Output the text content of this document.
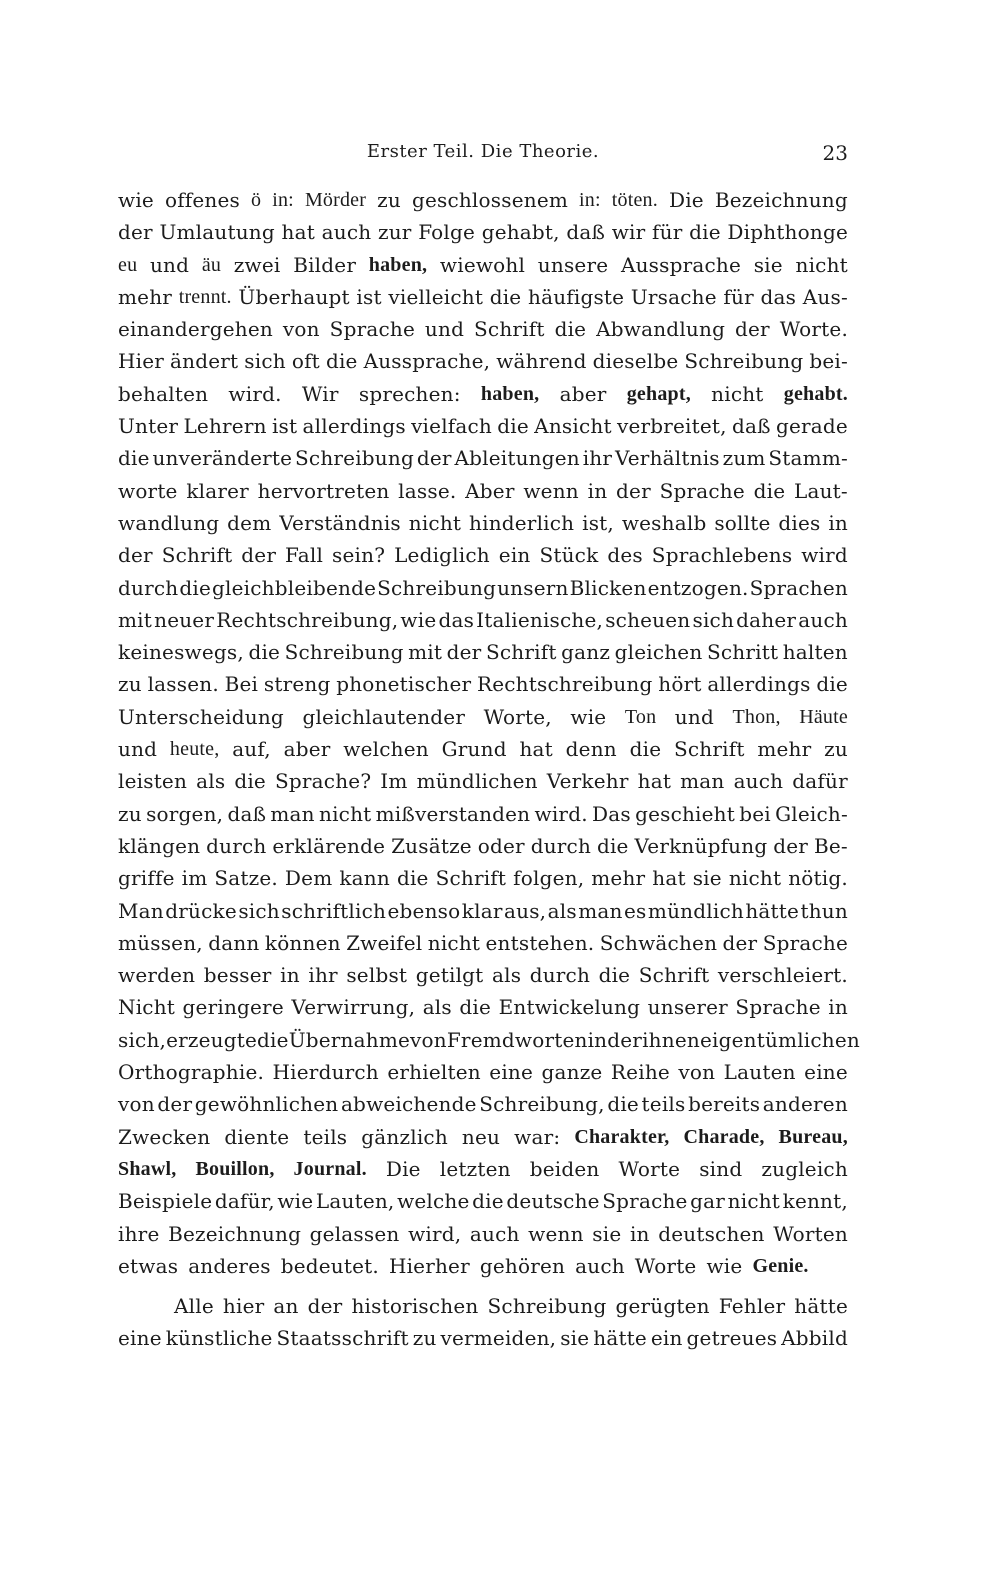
Erster Teil. Die Theorie.	23
wie offenes ö in: Mörder zu geschlossenem in: töten. Die Bezeichnung
der Umlautung hat auch zur Folge gehabt, daß wir für die Diphthonge
eu und äu zwei Bilder haben, wiewohl unsere Aussprache sie nicht
mehr trennt. Überhaupt ist vielleicht die häufigste Ursache für das Aus-
einandergehen von Sprache und Schrift die Abwandlung der Worte.
Hier ändert sich oft die Aussprache, während dieselbe Schreibung bei-
behalten wird. Wir sprechen: haben, aber gehapt, nicht gehabt.
Unter Lehrern ist allerdings vielfach die Ansicht verbreitet, daß gerade
die unveränderte Schreibung der Ableitungen ihr Verhältnis zum Stamm-
worte klarer hervortreten lasse. Aber wenn in der Sprache die Laut-
wandlung dem Verständnis nicht hinderlich ist, weshalb sollte dies in
der Schrift der Fall sein? Lediglich ein Stück des Sprachlebens wird
durch die gleichbleibende Schreibung unsern Blicken entzogen. Sprachen
mit neuer Rechtschreibung, wie das Italienische, scheuen sich daher auch
keineswegs, die Schreibung mit der Schrift ganz gleichen Schritt halten
zu lassen. Bei streng phonetischer Rechtschreibung hört allerdings die
Unterscheidung gleichlautender Worte, wie Ton und Thon, Häute
und heute, auf, aber welchen Grund hat denn die Schrift mehr zu
leisten als die Sprache? Im mündlichen Verkehr hat man auch dafür
zu sorgen, daß man nicht mißverstanden wird. Das geschieht bei Gleich-
klängen durch erklärende Zusätze oder durch die Verknüpfung der Be-
griffe im Satze. Dem kann die Schrift folgen, mehr hat sie nicht nötig.
Man drücke sich schriftlich ebenso klar aus, als man es mündlich hätte thun
müssen, dann können Zweifel nicht entstehen. Schwächen der Sprache
werden besser in ihr selbst getilgt als durch die Schrift verschleiert.
Nicht geringere Verwirrung, als die Entwickelung unserer Sprache in
sich, erzeugte die Übernahme von Fremdworten in der ihnen eigentümlichen
Orthographie. Hierdurch erhielten eine ganze Reihe von Lauten eine
von der gewöhnlichen abweichende Schreibung, die teils bereits anderen
Zwecken diente teils gänzlich neu war: Charakter, Charade, Bureau,
Shawl, Bouillon, Journal. Die letzten beiden Worte sind zugleich
Beispiele dafür, wie Lauten, welche die deutsche Sprache gar nicht kennt,
ihre Bezeichnung gelassen wird, auch wenn sie in deutschen Worten
etwas anderes bedeutet. Hierher gehören auch Worte wie Genie.
Alle hier an der historischen Schreibung gerügten Fehler hätte
eine künstliche Staatsschrift zu vermeiden, sie hätte ein getreues Abbild
